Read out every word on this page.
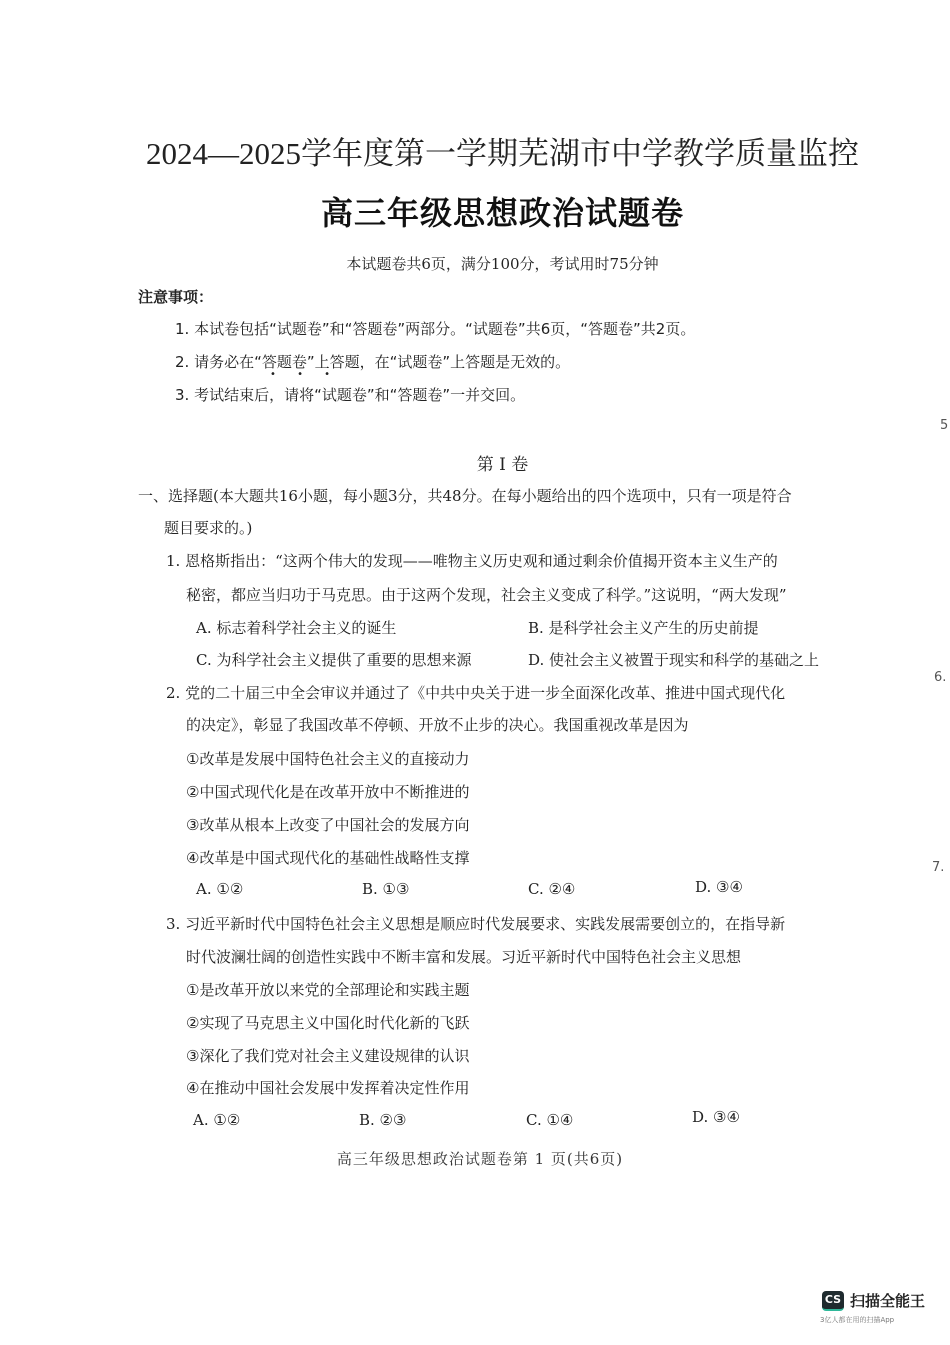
2024—2025学年度第一学期芜湖市中学教学质量监控
高三年级思想政治试题卷
本试题卷共6页，满分100分，考试用时75分钟
注意事项：
1. 本试卷包括“试题卷”和“答题卷”两部分。“试题卷”共6页，“答题卷”共2页。
2. 请务必在“答题卷”上答题，在“试题卷”上答题是无效的。
• • •
3. 考试结束后，请将“试题卷”和“答题卷”一并交回。
第 I 卷
一、选择题(本大题共16小题，每小题3分，共48分。在每小题给出的四个选项中，只有一项是符合
题目要求的。)
1. 恩格斯指出：“这两个伟大的发现——唯物主义历史观和通过剩余价值揭开资本主义生产的
秘密，都应当归功于马克思。由于这两个发现，社会主义变成了科学。”这说明，“两大发现”
A. 标志着科学社会主义的诞生	B. 是科学社会主义产生的历史前提
C. 为科学社会主义提供了重要的思想来源	D. 使社会主义被置于现实和科学的基础之上
2. 党的二十届三中全会审议并通过了《中共中央关于进一步全面深化改革、推进中国式现代化
的决定》，彰显了我国改革不停顿、开放不止步的决心。我国重视改革是因为
①改革是发展中国特色社会主义的直接动力
②中国式现代化是在改革开放中不断推进的
③改革从根本上改变了中国社会的发展方向
④改革是中国式现代化的基础性战略性支撑
A. ①②	B. ①③	C. ②④	D. ③④
3. 习近平新时代中国特色社会主义思想是顺应时代发展要求、实践发展需要创立的，在指导新
时代波澜壮阔的创造性实践中不断丰富和发展。习近平新时代中国特色社会主义思想
①是改革开放以来党的全部理论和实践主题
②实现了马克思主义中国化时代化新的飞跃
③深化了我们党对社会主义建设规律的认识
④在推动中国社会发展中发挥着决定性作用
A. ①②	B. ②③	C. ①④	D. ③④
高三年级思想政治试题卷第 1 页(共6页)
5
6.
7.
CS 扫描全能王
3亿人都在用的扫描App
